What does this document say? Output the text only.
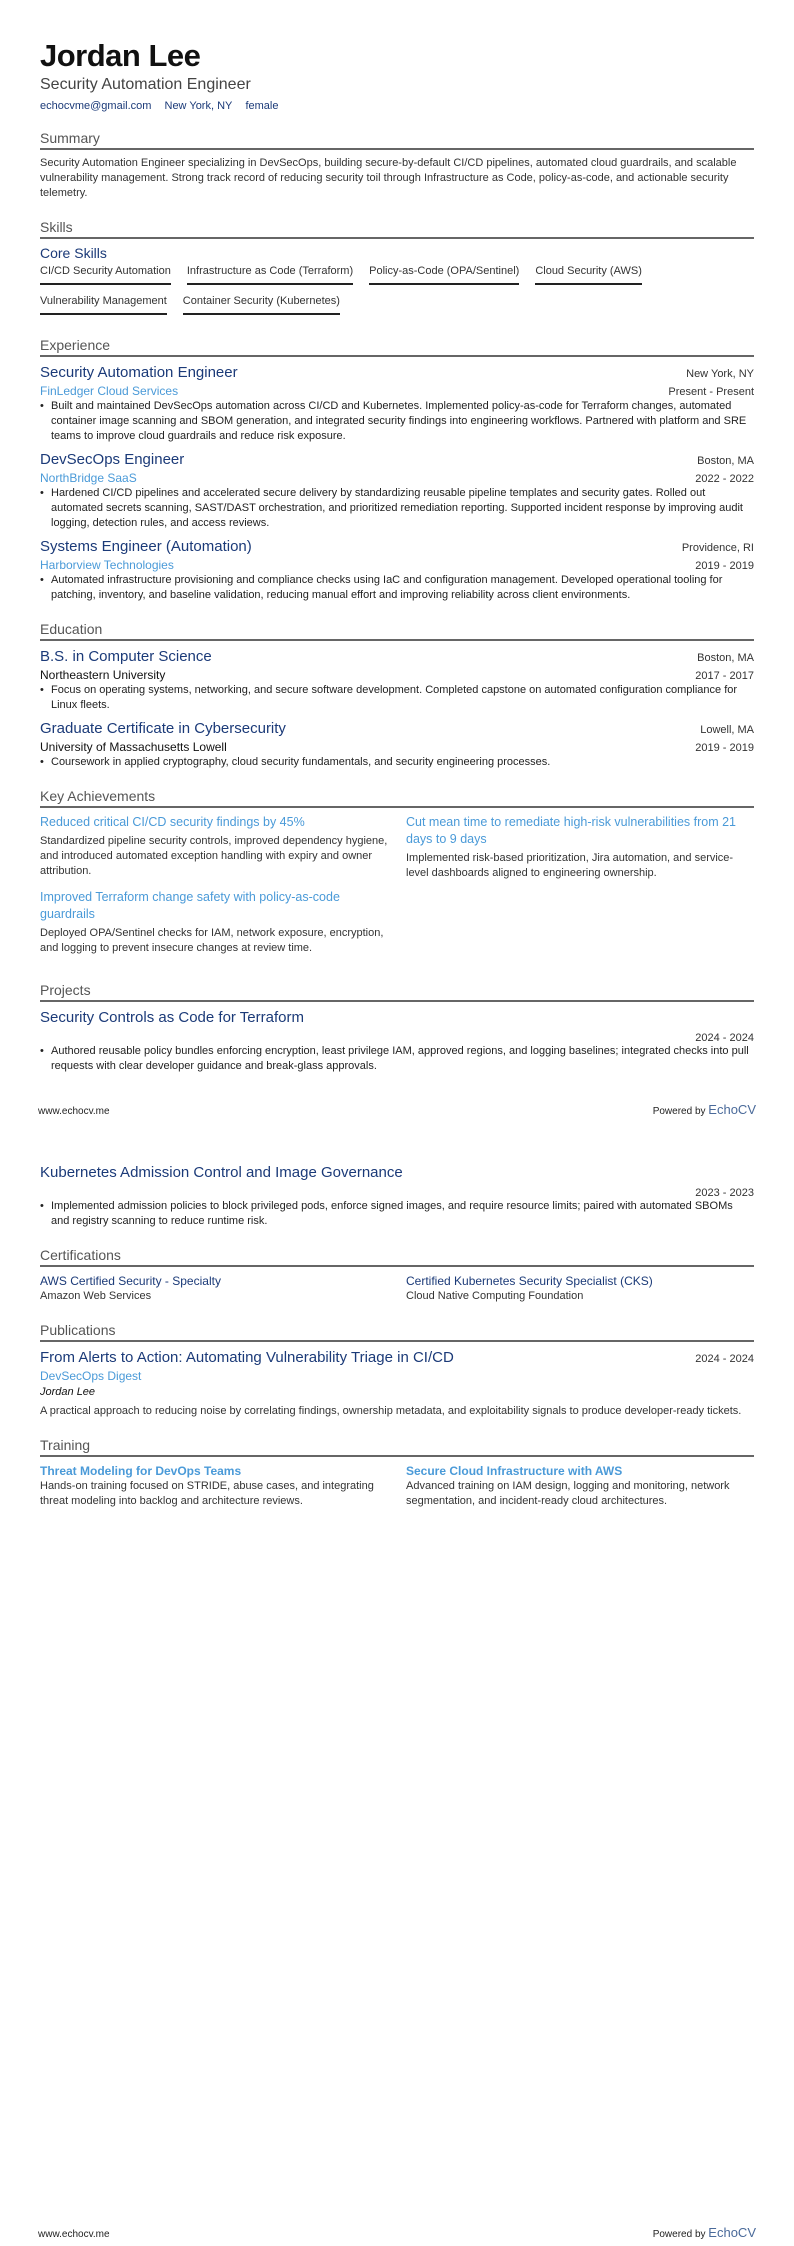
Jordan Lee
Security Automation Engineer
echocvme@gmail.com New York, NY female
Summary
Security Automation Engineer specializing in DevSecOps, building secure-by-default CI/CD pipelines, automated cloud guardrails, and scalable vulnerability management. Strong track record of reducing security toil through Infrastructure as Code, policy-as-code, and actionable security telemetry.
Skills
Core Skills
CI/CD Security Automation Infrastructure as Code (Terraform) Policy-as-Code (OPA/Sentinel) Cloud Security (AWS)
Vulnerability Management Container Security (Kubernetes)
Experience
Security Automation Engineer	New York, NY
FinLedger Cloud Services	Present - Present
• Built and maintained DevSecOps automation across CI/CD and Kubernetes. Implemented policy-as-code for Terraform changes, automated container image scanning and SBOM generation, and integrated security findings into engineering workflows. Partnered with platform and SRE teams to improve cloud guardrails and reduce risk exposure.
DevSecOps Engineer	Boston, MA
NorthBridge SaaS	2022 - 2022
• Hardened CI/CD pipelines and accelerated secure delivery by standardizing reusable pipeline templates and security gates. Rolled out automated secrets scanning, SAST/DAST orchestration, and prioritized remediation reporting. Supported incident response by improving audit logging, detection rules, and access reviews.
Systems Engineer (Automation)	Providence, RI
Harborview Technologies	2019 - 2019
• Automated infrastructure provisioning and compliance checks using IaC and configuration management. Developed operational tooling for patching, inventory, and baseline validation, reducing manual effort and improving reliability across client environments.
Education
B.S. in Computer Science	Boston, MA
Northeastern University	2017 - 2017
• Focus on operating systems, networking, and secure software development. Completed capstone on automated configuration compliance for Linux fleets.
Graduate Certificate in Cybersecurity	Lowell, MA
University of Massachusetts Lowell	2019 - 2019
• Coursework in applied cryptography, cloud security fundamentals, and security engineering processes.
Key Achievements
Reduced critical CI/CD security findings by 45%
Standardized pipeline security controls, improved dependency hygiene, and introduced automated exception handling with expiry and owner attribution.
Cut mean time to remediate high-risk vulnerabilities from 21 days to 9 days
Implemented risk-based prioritization, Jira automation, and service-level dashboards aligned to engineering ownership.
Improved Terraform change safety with policy-as-code guardrails
Deployed OPA/Sentinel checks for IAM, network exposure, encryption, and logging to prevent insecure changes at review time.
Projects
Security Controls as Code for Terraform
2024 - 2024
• Authored reusable policy bundles enforcing encryption, least privilege IAM, approved regions, and logging baselines; integrated checks into pull requests with clear developer guidance and break-glass approvals.
www.echocv.me	Powered by EchoCV
Kubernetes Admission Control and Image Governance
2023 - 2023
• Implemented admission policies to block privileged pods, enforce signed images, and require resource limits; paired with automated SBOMs and registry scanning to reduce runtime risk.
Certifications
AWS Certified Security - Specialty
Amazon Web Services
Certified Kubernetes Security Specialist (CKS)
Cloud Native Computing Foundation
Publications
From Alerts to Action: Automating Vulnerability Triage in CI/CD	2024 - 2024
DevSecOps Digest
Jordan Lee
A practical approach to reducing noise by correlating findings, ownership metadata, and exploitability signals to produce developer-ready tickets.
Training
Threat Modeling for DevOps Teams
Hands-on training focused on STRIDE, abuse cases, and integrating threat modeling into backlog and architecture reviews.
Secure Cloud Infrastructure with AWS
Advanced training on IAM design, logging and monitoring, network segmentation, and incident-ready cloud architectures.
www.echocv.me	Powered by EchoCV
